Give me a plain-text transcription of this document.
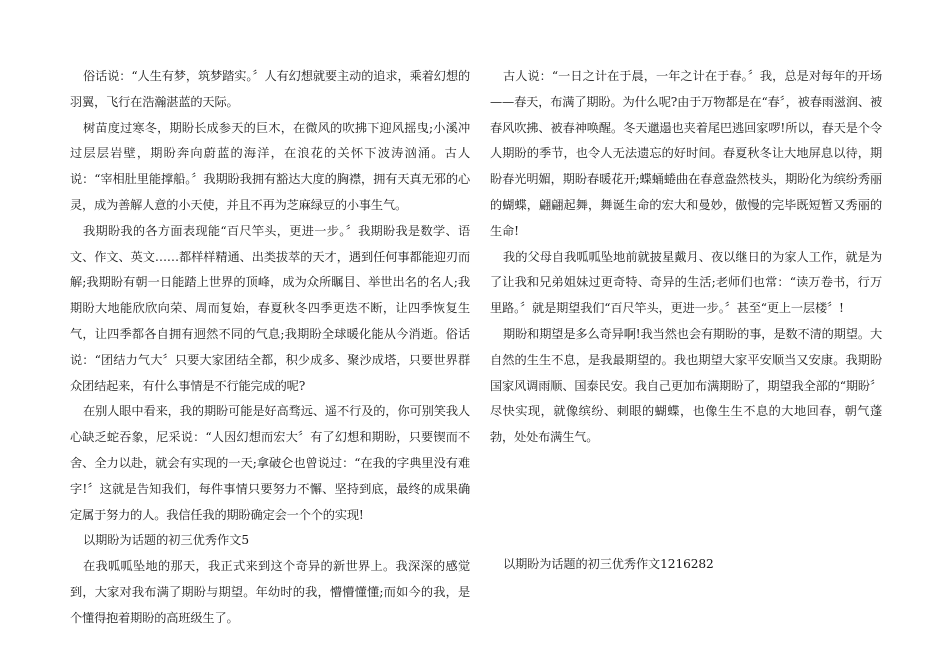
俗话说：“人生有梦，筑梦踏实。〞人有幻想就要主动的追求，乘着幻想的羽翼，飞行在浩瀚湛蓝的天际。

树苗度过寒冬，期盼长成参天的巨木，在微风的吹拂下迎风摇曳;小溪冲过层层岩壁，期盼奔向蔚蓝的海洋，在浪花的关怀下波涛汹涌。古人说：“宰相肚里能撑船。〞我期盼我拥有豁达大度的胸襟，拥有天真无邪的心灵，成为善解人意的小天使，并且不再为芝麻绿豆的小事生气。

我期盼我的各方面表现能“百尺竿头，更进一步。〞我期盼我是数学、语文、作文、英文……都样样精通、出类拔萃的天才，遇到任何事都能迎刃而解;我期盼有朝一日能踏上世界的顶峰，成为众所瞩目、举世出名的名人;我期盼大地能欣欣向荣、周而复始，春夏秋冬四季更迭不断，让四季恢复生气，让四季都各自拥有迥然不同的气息;我期盼全球暖化能从今消逝。俗话说：“团结力气大〞只要大家团结全都，积少成多、聚沙成塔，只要世界群众团结起来，有什么事情是不行能完成的呢?

在别人眼中看来，我的期盼可能是好高骛远、遥不行及的，你可别笑我人心缺乏蛇吞象，尼采说：“人因幻想而宏大〞有了幻想和期盼，只要锲而不舍、全力以赴，就会有实现的一天;拿破仑也曾说过：“在我的字典里没有难字!〞这就是告知我们，每件事情只要努力不懈、坚持到底，最终的成果确定属于努力的人。我信任我的期盼确定会一个个的实现!

以期盼为话题的初三优秀作文5

在我呱呱坠地的那天，我正式来到这个奇异的新世界上。我深深的感觉到，大家对我布满了期盼与期望。年幼时的我，懵懵懂懂;而如今的我，是个懂得抱着期盼的高班级生了。

古人说：“一日之计在于晨，一年之计在于春。〞我，总是对每年的开场——春天，布满了期盼。为什么呢?由于万物都是在“春〞，被春雨滋润、被春风吹拂、被春神唤醒。冬天邋遢也夹着尾巴逃回家啰!所以，春天是个令人期盼的季节，也令人无法遗忘的好时间。春夏秋冬让大地屏息以待，期盼春光明媚，期盼春暖花开;蝶蛹蜷曲在春意盎然枝头，期盼化为缤纷秀丽的蝴蝶，翩翩起舞，舞诞生命的宏大和曼妙，傲慢的完毕既短暂又秀丽的生命!

我的父母自我呱呱坠地前就披星戴月、夜以继日的为家人工作，就是为了让我和兄弟姐妹过更奇特、奇异的生活;老师们也常：“读万卷书，行万里路。〞就是期望我们“百尺竿头，更进一步。〞甚至“更上一层楼〞!

期盼和期望是多么奇异啊!我当然也会有期盼的事，是数不清的期望。大自然的生生不息，是我最期望的。我也期望大家平安顺当又安康。我期盼国家风调雨顺、国泰民安。我自己更加布满期盼了，期望我全部的“期盼〞尽快实现，就像缤纷、刺眼的蝴蝶，也像生生不息的大地回春，朝气蓬勃，处处布满生气。

以期盼为话题的初三优秀作文1216282
